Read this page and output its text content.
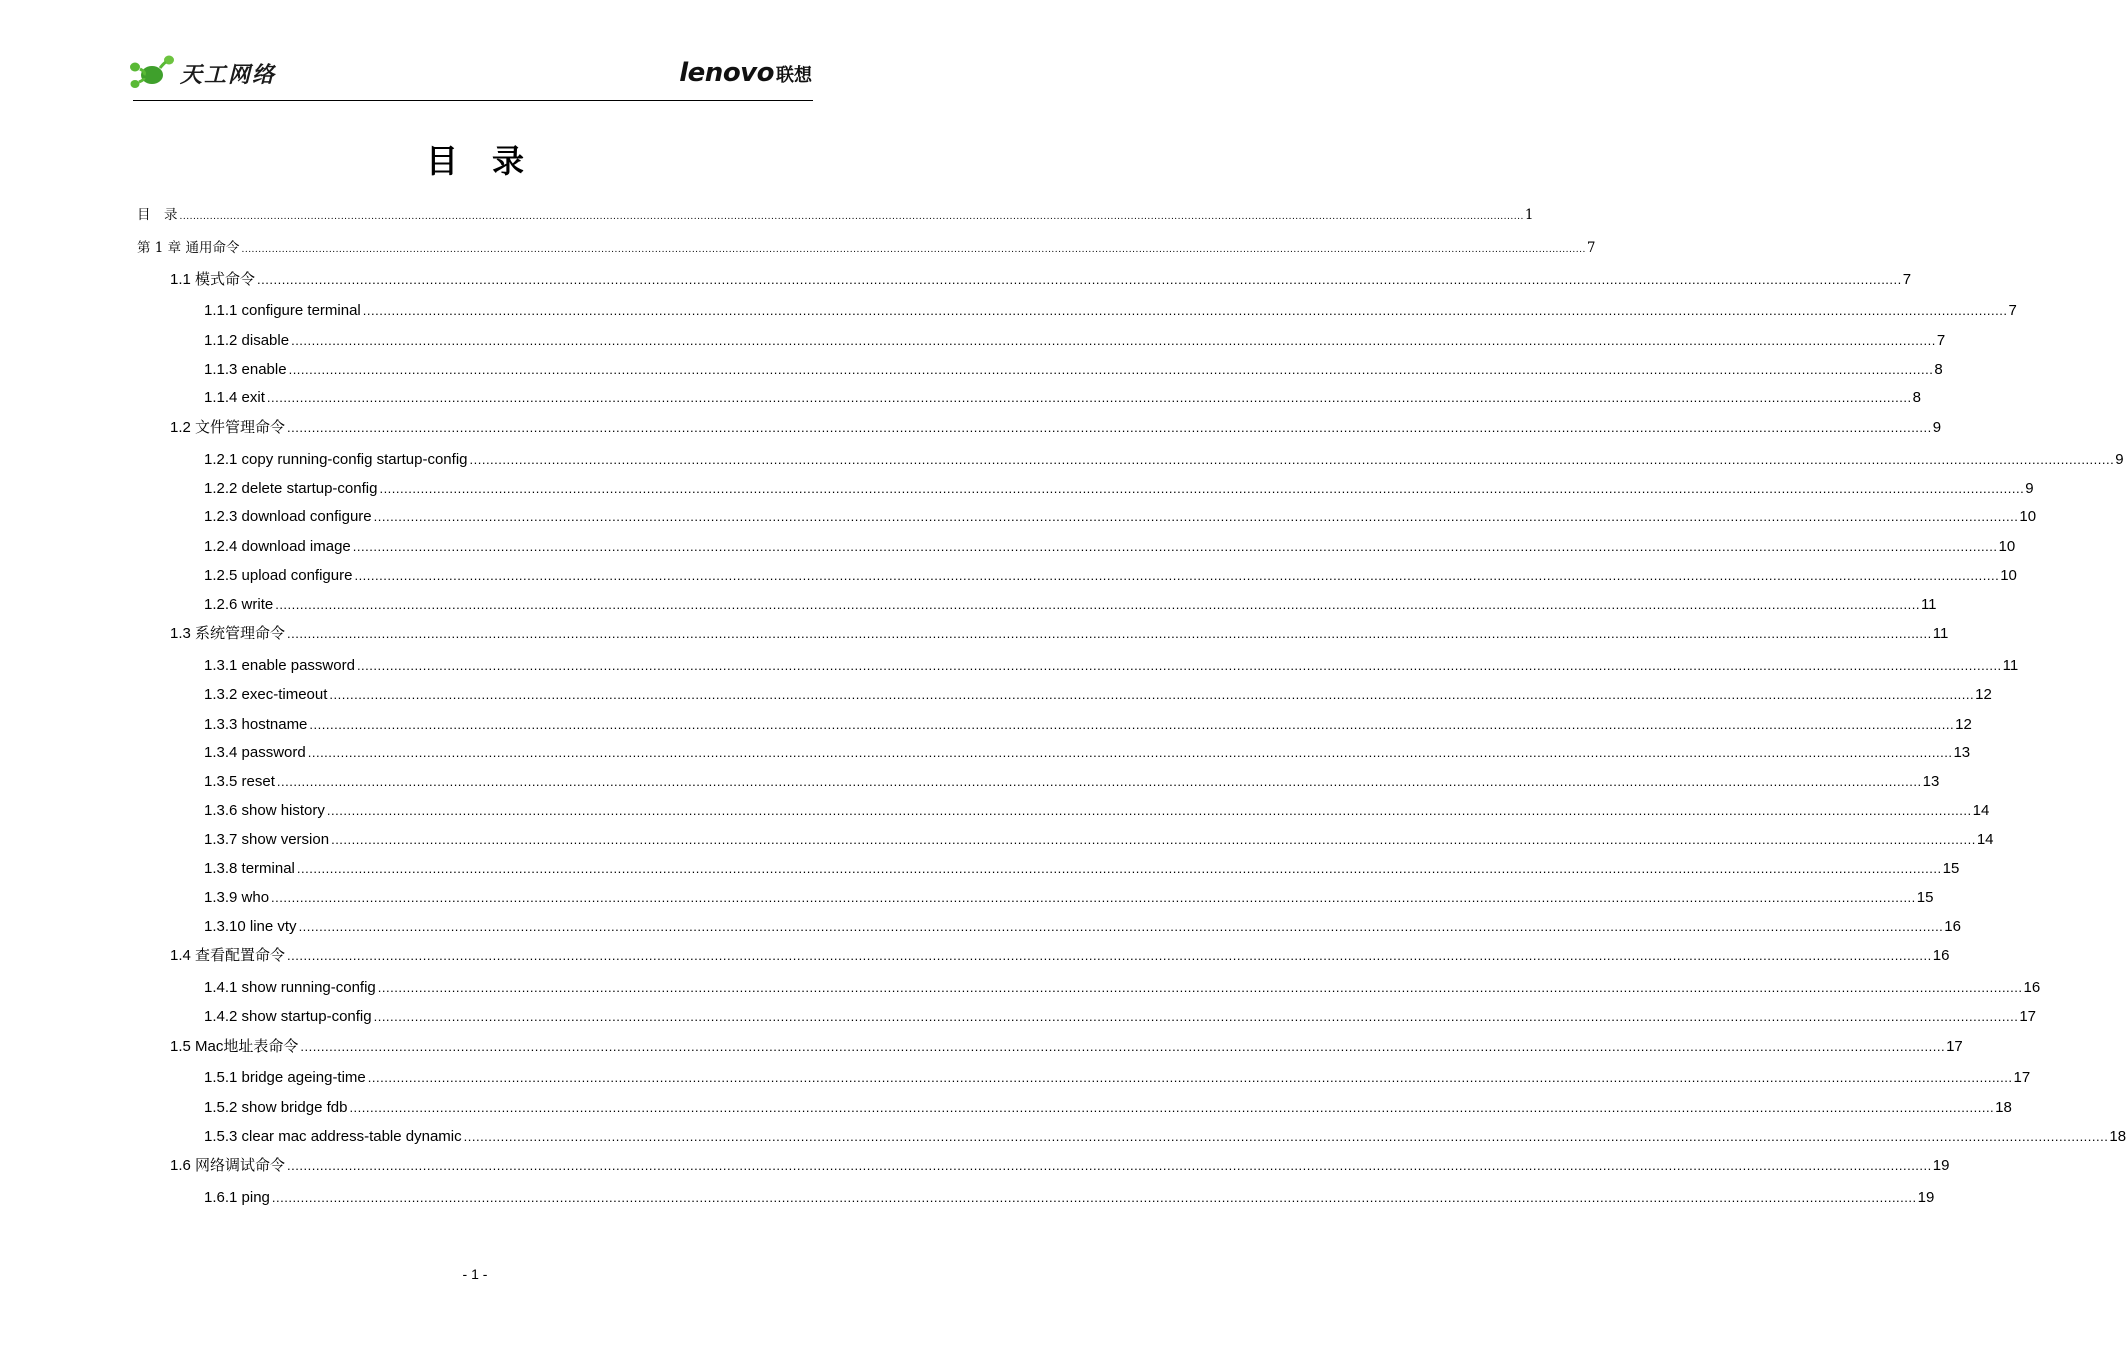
天工网络	lenovo 联想
目录
目　录 ................................................................................................................................................................................................................................................................................................................................................................................................................ 1
第 1 章 通用命令 ................................................................................................................................................................................................................................................................................................................................................................................................................ 7
1.1 模式命令 ................................................................................................................................................................................................................................................................................................................................................................................................................ 7
1.1.1 configure terminal ................................................................................................................................................................................................................................................................................................................................................................................................................ 7
1.1.2 disable ................................................................................................................................................................................................................................................................................................................................................................................................................ 7
1.1.3 enable ................................................................................................................................................................................................................................................................................................................................................................................................................ 8
1.1.4 exit ................................................................................................................................................................................................................................................................................................................................................................................................................ 8
1.2 文件管理命令 ................................................................................................................................................................................................................................................................................................................................................................................................................ 9
1.2.1 copy running-config startup-config ................................................................................................................................................................................................................................................................................................................................................................................................................ 9
1.2.2 delete startup-config ................................................................................................................................................................................................................................................................................................................................................................................................................ 9
1.2.3 download configure ................................................................................................................................................................................................................................................................................................................................................................................................................ 10
1.2.4 download image ................................................................................................................................................................................................................................................................................................................................................................................................................ 10
1.2.5 upload configure ................................................................................................................................................................................................................................................................................................................................................................................................................ 10
1.2.6 write ................................................................................................................................................................................................................................................................................................................................................................................................................ 11
1.3 系统管理命令 ................................................................................................................................................................................................................................................................................................................................................................................................................ 11
1.3.1 enable password ................................................................................................................................................................................................................................................................................................................................................................................................................ 11
1.3.2 exec-timeout ................................................................................................................................................................................................................................................................................................................................................................................................................ 12
1.3.3 hostname ................................................................................................................................................................................................................................................................................................................................................................................................................ 12
1.3.4 password ................................................................................................................................................................................................................................................................................................................................................................................................................ 13
1.3.5 reset ................................................................................................................................................................................................................................................................................................................................................................................................................ 13
1.3.6 show history ................................................................................................................................................................................................................................................................................................................................................................................................................ 14
1.3.7 show version ................................................................................................................................................................................................................................................................................................................................................................................................................ 14
1.3.8 terminal ................................................................................................................................................................................................................................................................................................................................................................................................................ 15
1.3.9 who ................................................................................................................................................................................................................................................................................................................................................................................................................ 15
1.3.10 line vty ................................................................................................................................................................................................................................................................................................................................................................................................................ 16
1.4 查看配置命令 ................................................................................................................................................................................................................................................................................................................................................................................................................ 16
1.4.1 show running-config ................................................................................................................................................................................................................................................................................................................................................................................................................ 16
1.4.2 show startup-config ................................................................................................................................................................................................................................................................................................................................................................................................................ 17
1.5 Mac地址表命令 ................................................................................................................................................................................................................................................................................................................................................................................................................ 17
1.5.1 bridge ageing-time ................................................................................................................................................................................................................................................................................................................................................................................................................ 17
1.5.2 show bridge fdb ................................................................................................................................................................................................................................................................................................................................................................................................................ 18
1.5.3 clear mac address-table dynamic ................................................................................................................................................................................................................................................................................................................................................................................................................ 18
1.6 网络调试命令 ................................................................................................................................................................................................................................................................................................................................................................................................................ 19
1.6.1 ping ................................................................................................................................................................................................................................................................................................................................................................................................................ 19
- 1 -
